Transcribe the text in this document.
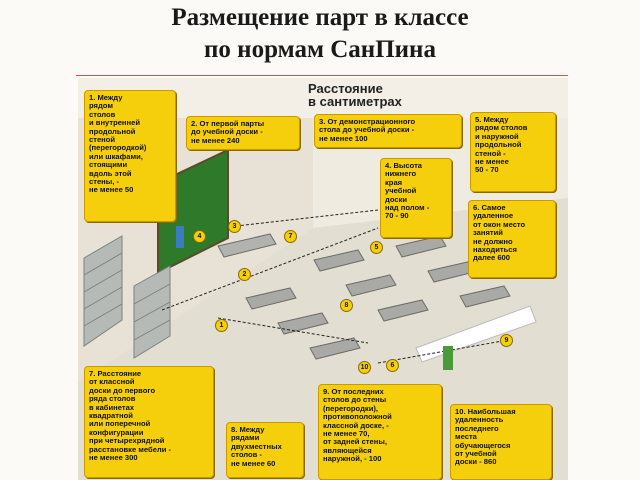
Размещение парт в классе
по нормам СанПина
Расстояние
в сантиметрах
1. Между
рядом
столов
и внутренней
продольной
стеной
(перегородкой)
или шкафами,
стоящими
вдоль этой
стены, -
не менее 50
2. От первой парты
до учебной доски -
не менее 240
3. От демонстрационного
стола до учебной доски -
не менее 100
4. Высота
нижнего
края
учебной
доски
над полом -
70 - 90
5. Между
рядом столов
и наружной
продольной
стеной -
не менее
50 - 70
6. Самое
удаленное
от окон место
занятий
не должно
находиться
далее 600
7. Расстояние
от классной
доски до первого
ряда столов
в кабинетах
квадратной
или поперечной
конфигурации
при четырехрядной
расстановке мебели -
не менее 300
8. Между
рядами
двухместных
столов -
не менее 60
9. От последних
столов до стены
(перегородки),
противоположной
классной доске, -
не менее 70,
от задней стены,
являющейся
наружной, - 100
10. Наибольшая
удаленность
последнего
места
обучающегося
от учебной
доски - 860
1
2
3
4
5
6
7
8
9
10
